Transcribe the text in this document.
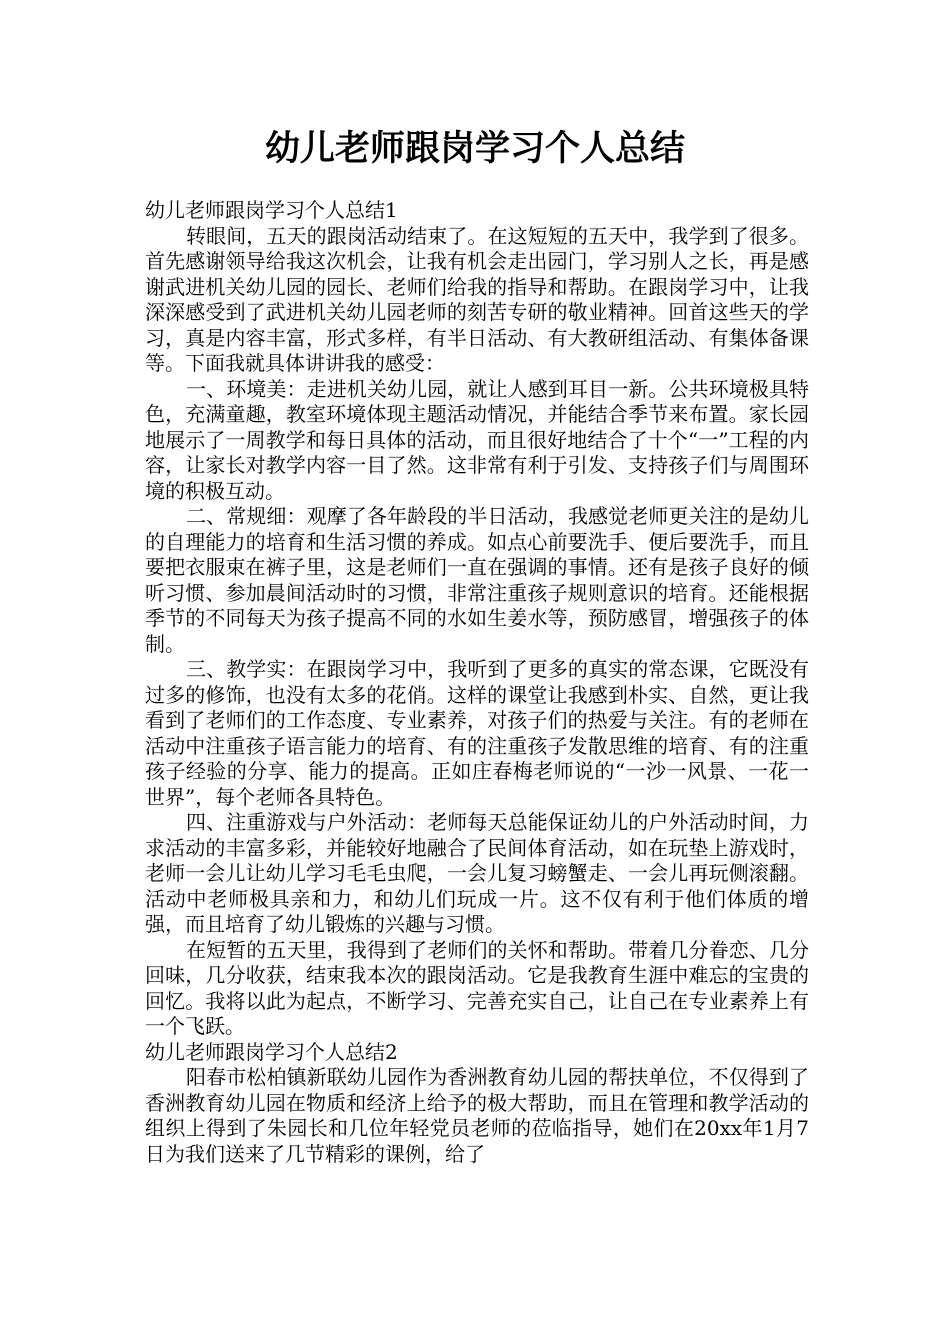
幼儿老师跟岗学习个人总结

幼儿老师跟岗学习个人总结1

转眼间，五天的跟岗活动结束了。在这短短的五天中，我学到了很多。首先感谢领导给我这次机会，让我有机会走出园门，学习别人之长，再是感谢武进机关幼儿园的园长、老师们给我的指导和帮助。在跟岗学习中，让我深深感受到了武进机关幼儿园老师的刻苦专研的敬业精神。回首这些天的学习，真是内容丰富，形式多样，有半日活动、有大教研组活动、有集体备课等。下面我就具体讲讲我的感受：

一、环境美：走进机关幼儿园，就让人感到耳目一新。公共环境极具特色，充满童趣，教室环境体现主题活动情况，并能结合季节来布置。家长园地展示了一周教学和每日具体的活动，而且很好地结合了十个“一”工程的内容，让家长对教学内容一目了然。这非常有利于引发、支持孩子们与周围环境的积极互动。

二、常规细：观摩了各年龄段的半日活动，我感觉老师更关注的是幼儿的自理能力的培育和生活习惯的养成。如点心前要洗手、便后要洗手，而且要把衣服束在裤子里，这是老师们一直在强调的事情。还有是孩子良好的倾听习惯、参加晨间活动时的习惯，非常注重孩子规则意识的培育。还能根据季节的不同每天为孩子提高不同的水如生姜水等，预防感冒，增强孩子的体制。

三、教学实：在跟岗学习中，我听到了更多的真实的常态课，它既没有过多的修饰，也没有太多的花俏。这样的课堂让我感到朴实、自然，更让我看到了老师们的工作态度、专业素养，对孩子们的热爱与关注。有的老师在活动中注重孩子语言能力的培育、有的注重孩子发散思维的培育、有的注重孩子经验的分享、能力的提高。正如庄春梅老师说的“一沙一风景、一花一世界”，每个老师各具特色。

四、注重游戏与户外活动：老师每天总能保证幼儿的户外活动时间，力求活动的丰富多彩，并能较好地融合了民间体育活动，如在玩垫上游戏时，老师一会儿让幼儿学习毛毛虫爬，一会儿复习螃蟹走、一会儿再玩侧滚翻。活动中老师极具亲和力，和幼儿们玩成一片。这不仅有利于他们体质的增强，而且培育了幼儿锻炼的兴趣与习惯。

在短暂的五天里，我得到了老师们的关怀和帮助。带着几分眷恋、几分回味，几分收获，结束我本次的跟岗活动。它是我教育生涯中难忘的宝贵的回忆。我将以此为起点，不断学习、完善充实自己，让自己在专业素养上有一个飞跃。

幼儿老师跟岗学习个人总结2

阳春市松柏镇新联幼儿园作为香洲教育幼儿园的帮扶单位，不仅得到了香洲教育幼儿园在物质和经济上给予的极大帮助，而且在管理和教学活动的组织上得到了朱园长和几位年轻党员老师的莅临指导，她们在20xx年1月7日为我们送来了几节精彩的课例，给了
